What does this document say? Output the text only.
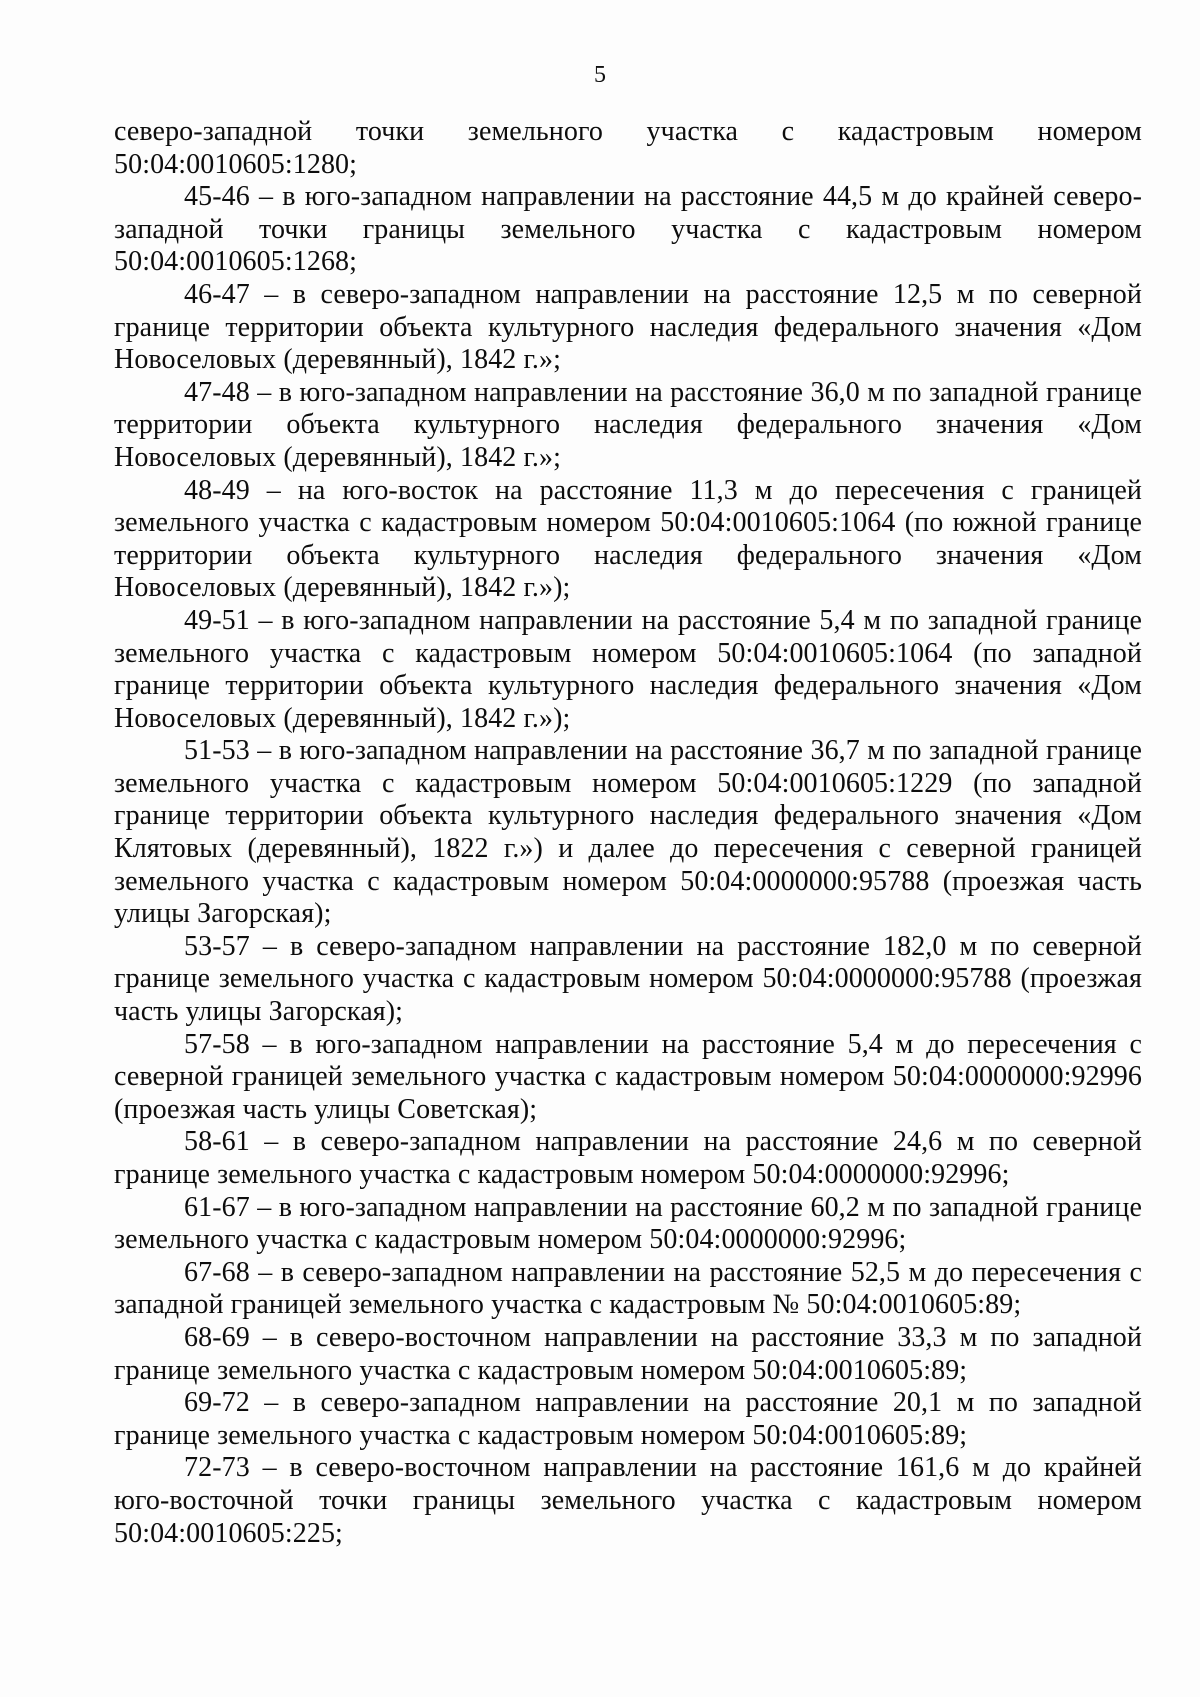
5

северо-западной точки земельного участка с кадастровым номером 50:04:0010605:1280;

45-46 – в юго-западном направлении на расстояние 44,5 м до крайней северо-западной точки границы земельного участка с кадастровым номером 50:04:0010605:1268;

46-47 – в северо-западном направлении на расстояние 12,5 м по северной границе территории объекта культурного наследия федерального значения «Дом Новоселовых (деревянный), 1842 г.»;

47-48 – в юго-западном направлении на расстояние 36,0 м по западной границе территории объекта культурного наследия федерального значения «Дом Новоселовых (деревянный), 1842 г.»;

48-49 – на юго-восток на расстояние 11,3 м до пересечения с границей земельного участка с кадастровым номером 50:04:0010605:1064 (по южной границе территории объекта культурного наследия федерального значения «Дом Новоселовых (деревянный), 1842 г.»);

49-51 – в юго-западном направлении на расстояние 5,4 м по западной границе земельного участка с кадастровым номером 50:04:0010605:1064 (по западной границе территории объекта культурного наследия федерального значения «Дом Новоселовых (деревянный), 1842 г.»);

51-53 – в юго-западном направлении на расстояние 36,7 м по западной границе земельного участка с кадастровым номером 50:04:0010605:1229 (по западной границе территории объекта культурного наследия федерального значения «Дом Клятовых (деревянный), 1822 г.») и далее до пересечения с северной границей земельного участка с кадастровым номером 50:04:0000000:95788 (проезжая часть улицы Загорская);

53-57 – в северо-западном направлении на расстояние 182,0 м по северной границе земельного участка с кадастровым номером 50:04:0000000:95788 (проезжая часть улицы Загорская);

57-58 – в юго-западном направлении на расстояние 5,4 м до пересечения с северной границей земельного участка с кадастровым номером 50:04:0000000:92996 (проезжая часть улицы Советская);

58-61 – в северо-западном направлении на расстояние 24,6 м по северной границе земельного участка с кадастровым номером 50:04:0000000:92996;

61-67 – в юго-западном направлении на расстояние 60,2 м по западной границе земельного участка с кадастровым номером 50:04:0000000:92996;

67-68 – в северо-западном направлении на расстояние 52,5 м до пересечения с западной границей земельного участка с кадастровым № 50:04:0010605:89;

68-69 – в северо-восточном направлении на расстояние 33,3 м по западной границе земельного участка с кадастровым номером 50:04:0010605:89;

69-72 – в северо-западном направлении на расстояние 20,1 м по западной границе земельного участка с кадастровым номером 50:04:0010605:89;

72-73 – в северо-восточном направлении на расстояние 161,6 м до крайней юго-восточной точки границы земельного участка с кадастровым номером 50:04:0010605:225;
